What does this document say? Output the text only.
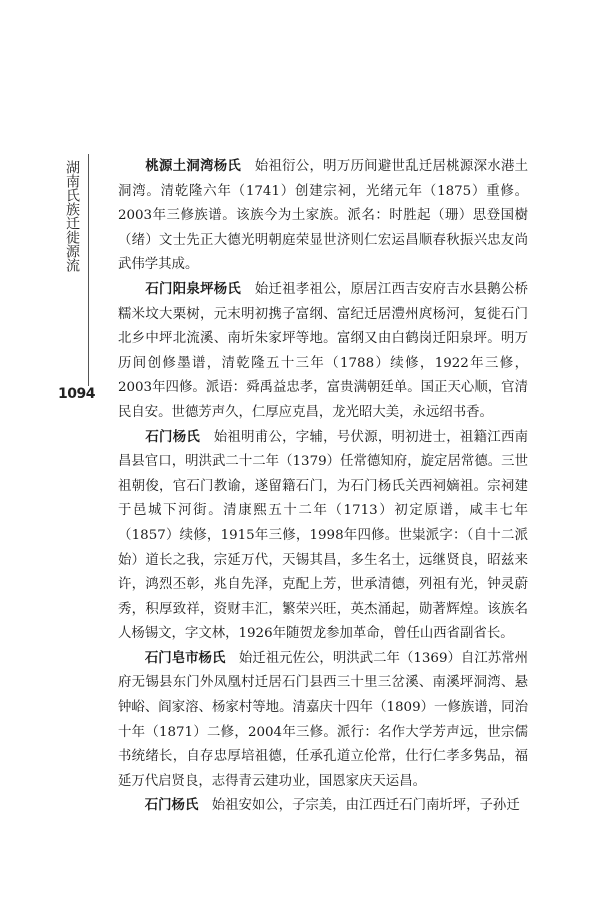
湖南氏族迁徙源流
1094

　　桃源土洞湾杨氏　始祖衍公，明万历间避世乱迁居桃源深水港土洞湾。清乾隆六年（1741）创建宗祠，光绪元年（1875）重修。2003年三修族谱。该族今为土家族。派名：时胜起（珊）思登国樹（绪）文士先正大德光明朝庭荣显世济则仁宏运昌顺春秋振兴忠友尚武伟学其成。

　　石门阳泉坪杨氏　始迁祖孝祖公，原居江西吉安府吉水县鹅公桥糯米坟大栗树，元末明初携子富纲、富纪迁居澧州庹杨河，复徙石门北乡中坪北流溪、南圻朱家坪等地。富纲又由白鹤岗迁阳泉坪。明万历间创修墨谱，清乾隆五十三年（1788）续修，1922年三修，2003年四修。派语：舜禹益忠孝，富贵满朝廷单。国正天心顺，官清民自安。世德芳声久，仁厚应克昌，龙光昭大美，永远绍书香。

　　石门杨氏　始祖明甫公，字辅，号伏源，明初进士，祖籍江西南昌县官口，明洪武二十二年（1379）任常德知府，旋定居常德。三世祖朝俊，官石门教谕，遂留籍石门，为石门杨氏关西祠嫡祖。宗祠建于邑城下河街。清康熙五十二年（1713）初定原谱，咸丰七年（1857）续修，1915年三修，1998年四修。世粜派字：（自十二派始）道长之我，宗延万代，天锡其昌，多生名士，远继贤良，昭兹来许，鸿烈丕彰，兆自先泽，克配上芳，世承清德，列祖有光，钟灵蔚秀，积厚致祥，资财丰汇，繁荣兴旺，英杰涌起，勋著辉煌。该族名人杨锡文，字文林，1926年随贺龙参加革命，曾任山西省副省长。

　　石门皂市杨氏　始迁祖元佐公，明洪武二年（1369）自江苏常州府无锡县东门外凤凰村迁居石门县西三十里三岔溪、南溪坪洞湾、悬钟峪、阎家溶、杨家村等地。清嘉庆十四年（1809）一修族谱，同治十年（1871）二修，2004年三修。派行：名作大学芳声远，世宗儒书统绪长，自存忠厚培祖德，任承孔道立伦常，仕行仁孝多隽品，福延万代启贤良，志得青云建功业，国恩家庆天运昌。

　　石门杨氏　始祖安如公，子宗美，由江西迁石门南圻坪，子孙迁
